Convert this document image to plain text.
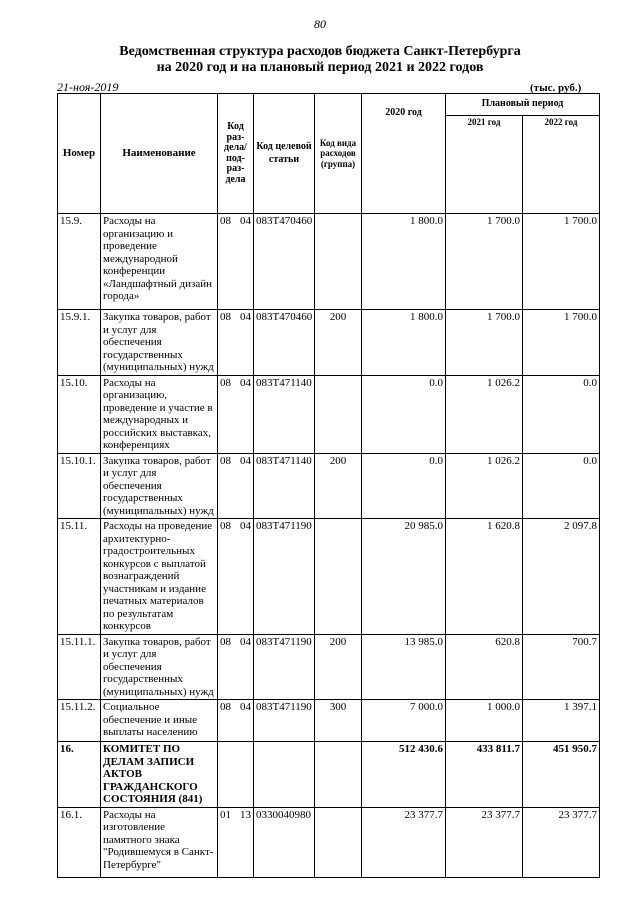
80
Ведомственная структура расходов бюджета Санкт-Петербурга
на 2020 год и на плановый период 2021 и 2022 годов
21-ноя-2019	(тыс. руб.)
Номер	Наименование	Код раз-дела/ под-раз-дела	Код целевой статьи	Код вида расходов (группа)	2020 год	Плановый период	
						2021 год	2022 год
15.9.	Расходы на организацию и проведение международной конференции «Ландшафтный дизайн города»	08 04	083Т470460		1 800.0	1 700.0	1 700.0
15.9.1.	Закупка товаров, работ и услуг для обеспечения государственных (муниципальных) нужд	08 04	083Т470460	200	1 800.0	1 700.0	1 700.0
15.10.	Расходы на организацию, проведение и участие в международных и российских выставках, конференциях	08 04	083Т471140		0.0	1 026.2	0.0
15.10.1.	Закупка товаров, работ и услуг для обеспечения государственных (муниципальных) нужд	08 04	083Т471140	200	0.0	1 026.2	0.0
15.11.	Расходы на проведение архитектурно-градостроительных конкурсов с выплатой вознаграждений участникам и издание печатных материалов по результатам конкурсов	08 04	083Т471190		20 985.0	1 620.8	2 097.8
15.11.1.	Закупка товаров, работ и услуг для обеспечения государственных (муниципальных) нужд	08 04	083Т471190	200	13 985.0	620.8	700.7
15.11.2.	Социальное обеспечение и иные выплаты населению	08 04	083Т471190	300	7 000.0	1 000.0	1 397.1
16.	КОМИТЕТ ПО ДЕЛАМ ЗАПИСИ АКТОВ ГРАЖДАНСКОГО СОСТОЯНИЯ (841)				512 430.6	433 811.7	451 950.7
16.1.	Расходы на изготовление памятного знака "Родившемуся в Санкт-Петербурге"	01 13	0330040980		23 377.7	23 377.7	23 377.7
